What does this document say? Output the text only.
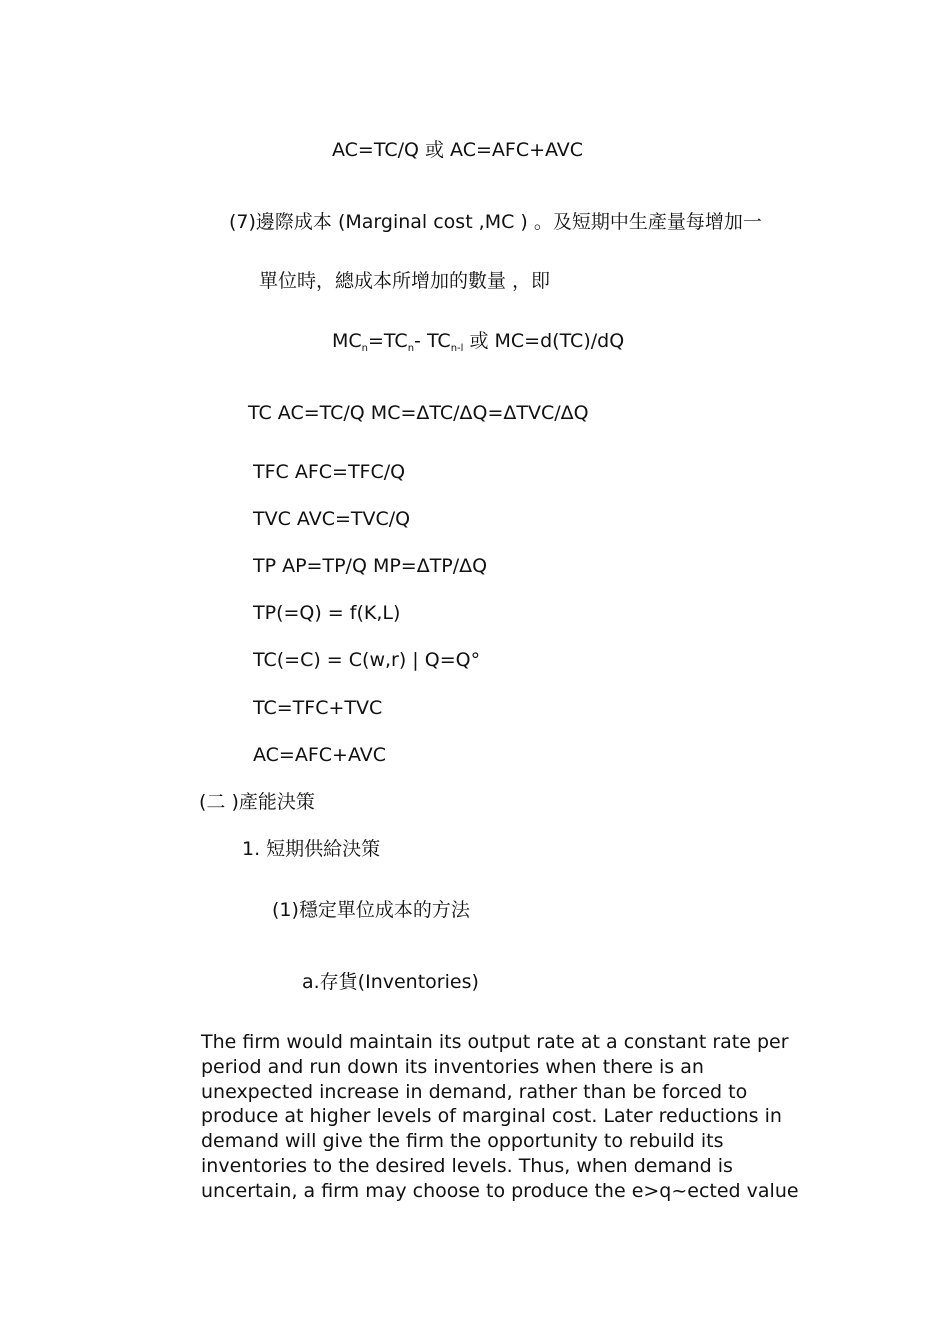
AC=TC/Q 或 AC=AFC+AVC
(7)邊際成本 (Marginal cost ,MC ) 。及短期中生產量每增加一
單位時，總成本所增加的數量 ，即
$MC_n=TC_n-$ $TC_{n-l}$ 或 MC=d(TC)/dQ
TC AC=TC/Q MC=ΔTC/ΔQ=ΔTVC/ΔQ
TFC AFC=TFC/Q
TVC AVC=TVC/Q
TP AP=TP/Q MP=ΔTP/ΔQ
TP(=Q) = f(K,L)
TC(=C) = C(w,r) | Q=Q°
TC=TFC+TVC
AC=AFC+AVC
(二 )產能決策
1. 短期供給決策
(1)穩定單位成本的方法
a.存貨(Inventories)
The firm would maintain its output rate at a constant rate per
period and run down its inventories when there is an
unexpected increase in demand, rather than be forced to
produce at higher levels of marginal cost. Later reductions in
demand will give the firm the opportunity to rebuild its
inventories to the desired levels. Thus, when demand is
uncertain, a firm may choose to produce the e>q~ected value
